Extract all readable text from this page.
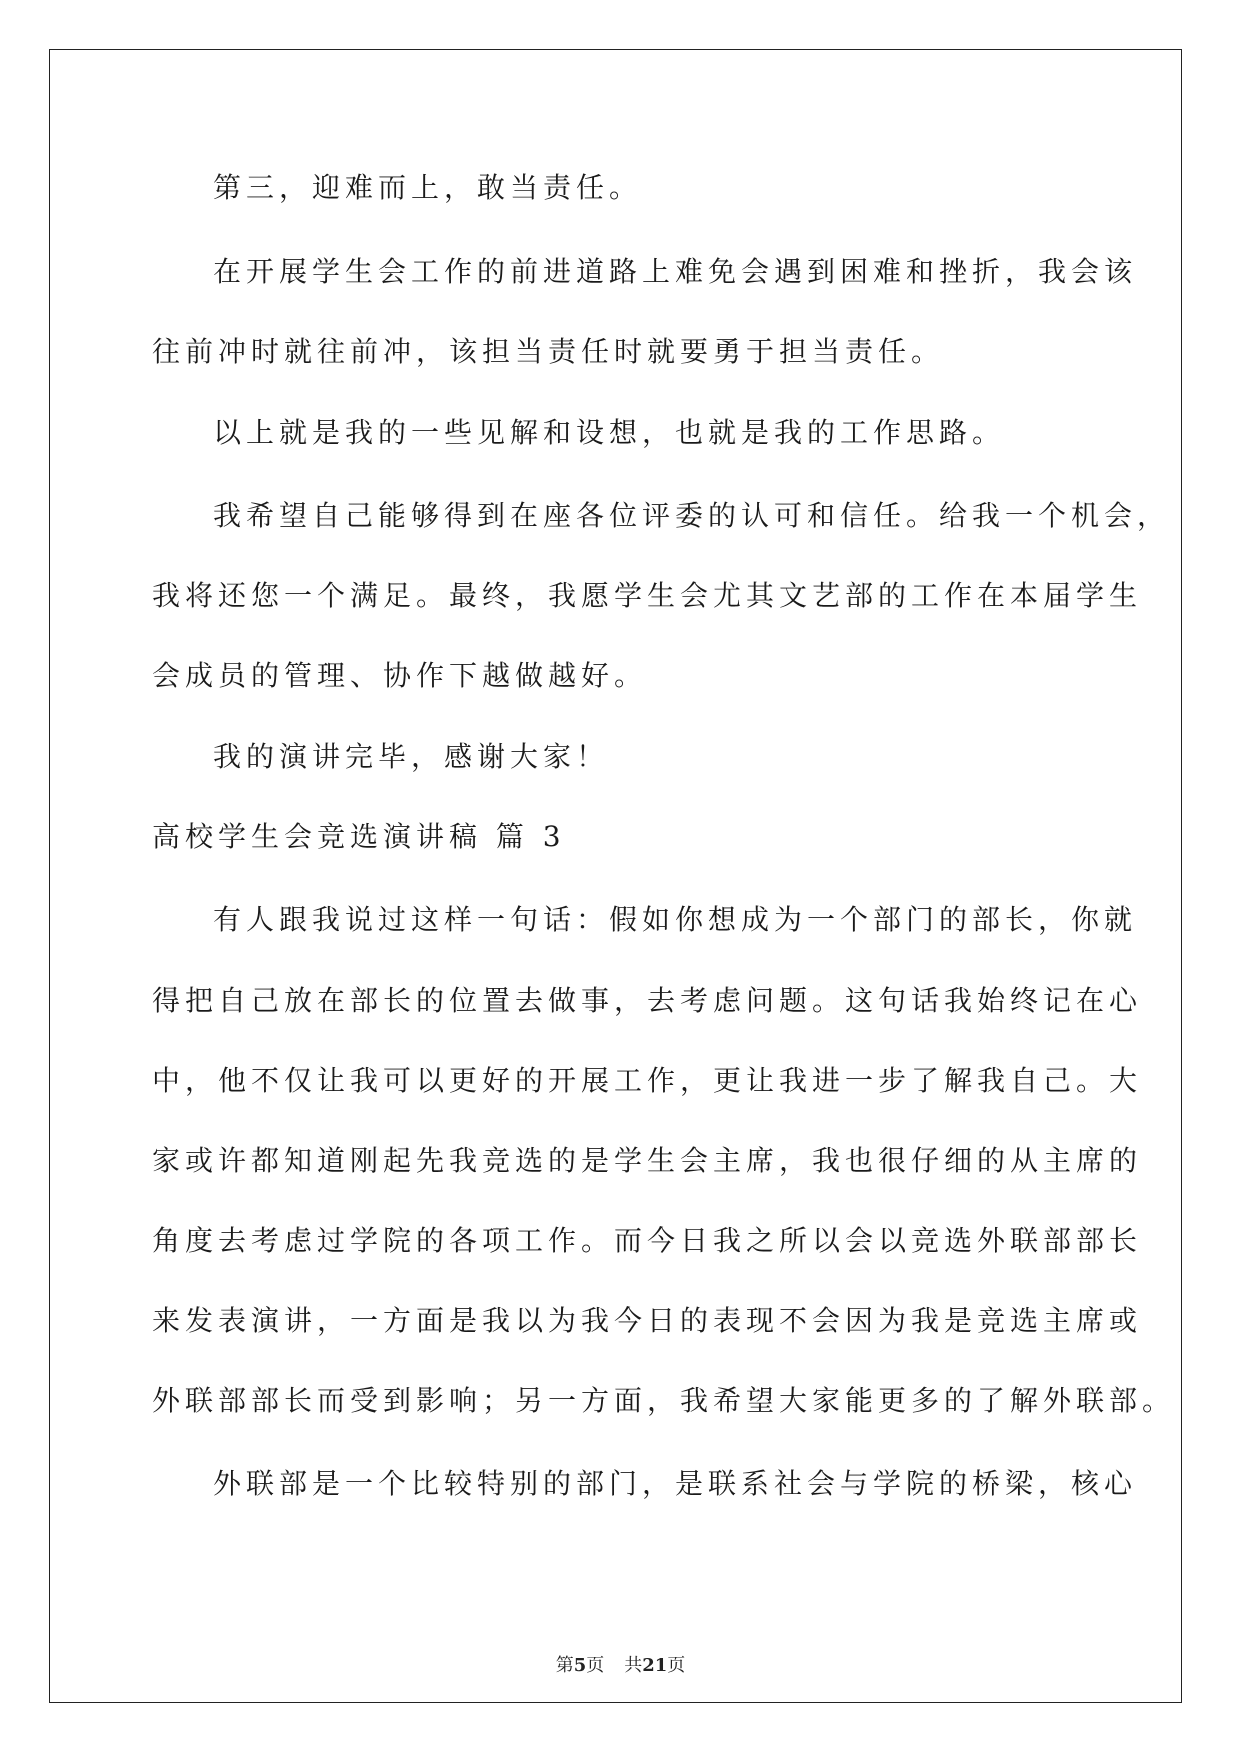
第三，迎难而上，敢当责任。
在开展学生会工作的前进道路上难免会遇到困难和挫折，我会该
往前冲时就往前冲，该担当责任时就要勇于担当责任。
以上就是我的一些见解和设想，也就是我的工作思路。
我希望自己能够得到在座各位评委的认可和信任。给我一个机会，
我将还您一个满足。最终，我愿学生会尤其文艺部的工作在本届学生
会成员的管理、协作下越做越好。
我的演讲完毕，感谢大家！
高校学生会竞选演讲稿 篇 3
有人跟我说过这样一句话：假如你想成为一个部门的部长，你就
得把自己放在部长的位置去做事，去考虑问题。这句话我始终记在心
中，他不仅让我可以更好的开展工作，更让我进一步了解我自己。大
家或许都知道刚起先我竞选的是学生会主席，我也很仔细的从主席的
角度去考虑过学院的各项工作。而今日我之所以会以竞选外联部部长
来发表演讲，一方面是我以为我今日的表现不会因为我是竞选主席或
外联部部长而受到影响；另一方面，我希望大家能更多的了解外联部。
外联部是一个比较特别的部门，是联系社会与学院的桥梁，核心
第5页 共21页
